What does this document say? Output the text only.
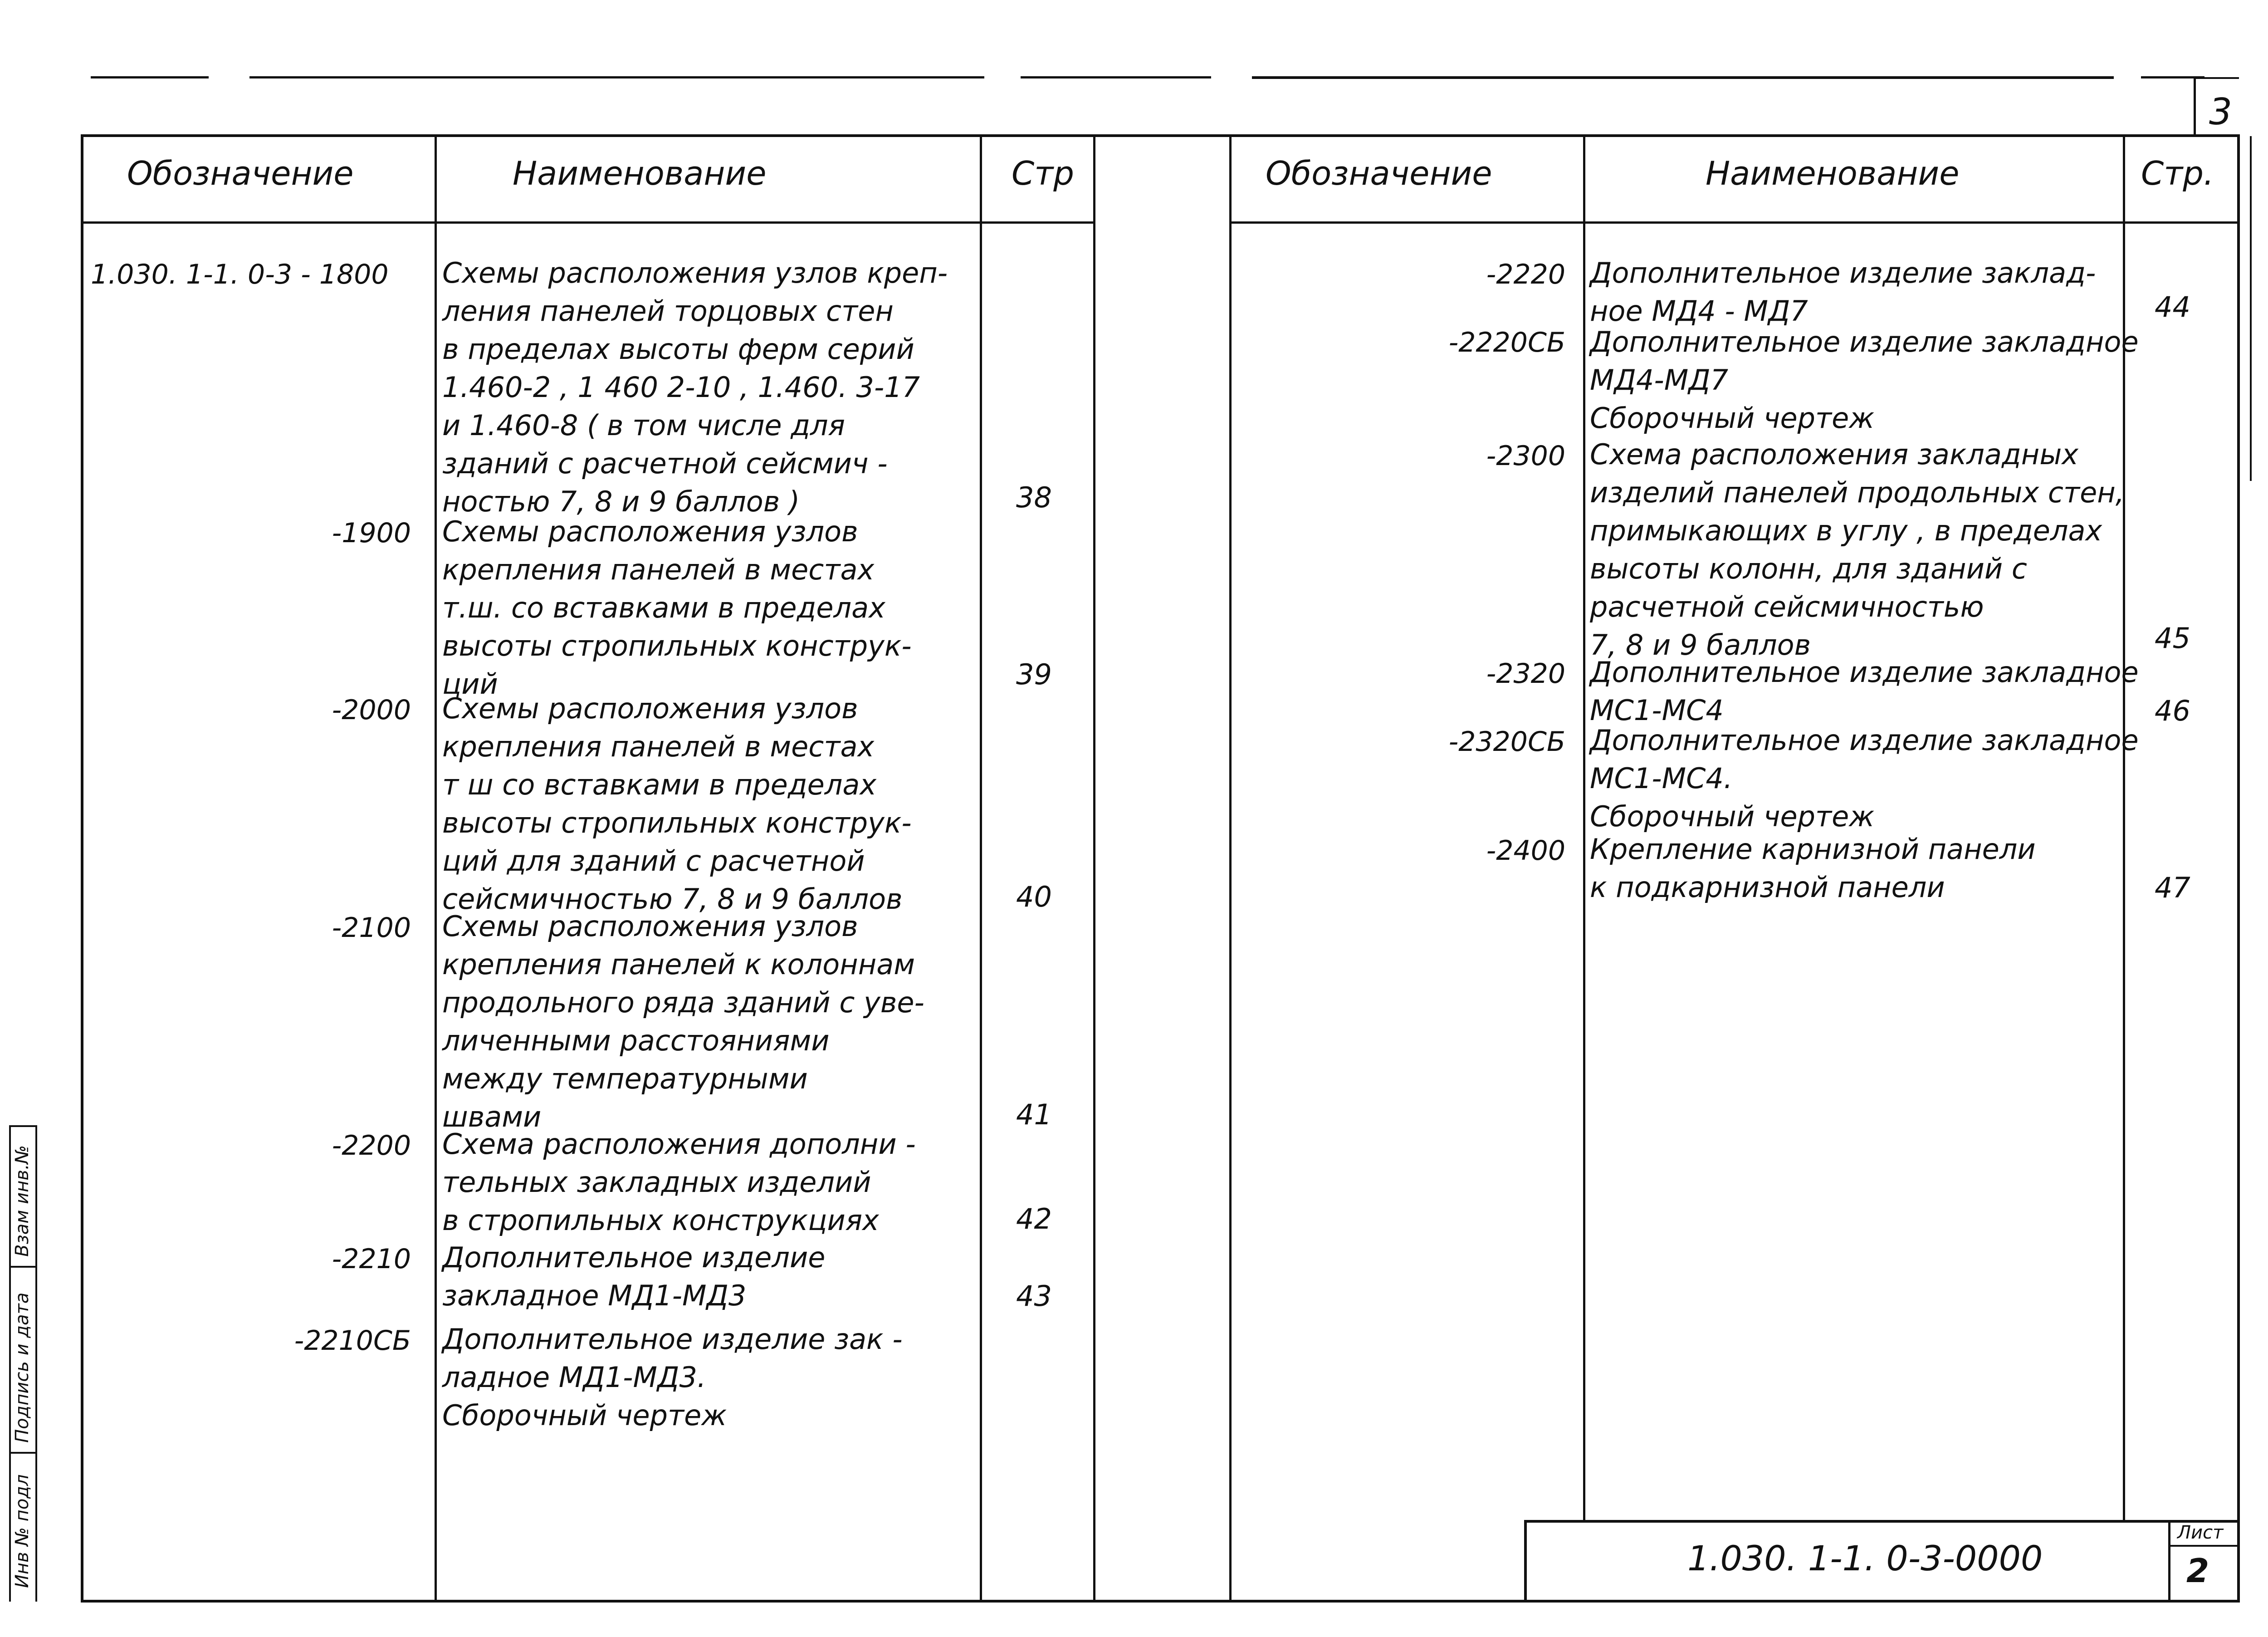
3
Обозначение	Наименование	Стр	Обозначение	Наименование	Стр.
1.030. 1-1. 0-3 - 1800 Схемы расположения узлов креп-
ления панелей торцовых стен
в пределах высоты ферм серий
1.460-2 , 1 460 2-10 , 1.460. 3-17
и 1.460-8 ( в том числе для
зданий с расчетной сейсмич -
ностью 7, 8 и 9 баллов )	38
-1900 Схемы расположения узлов
крепления панелей в местах
т.ш. со вставками в пределах
высоты стропильных конструк-
ций	39
-2000 Схемы расположения узлов
крепления панелей в местах
т ш со вставками в пределах
высоты стропильных конструк-
ций для зданий с расчетной
сейсмичностью 7, 8 и 9 баллов	40
-2100 Схемы расположения узлов
крепления панелей к колоннам
продольного ряда зданий с уве-
личенными расстояниями
между температурными
швами	41
-2200 Схема расположения дополни -
тельных закладных изделий
в стропильных конструкциях	42
-2210 Дополнительное изделие
закладное МД1-МД3	43
-2210СБ Дополнительное изделие зак -
ладное МД1-МД3.
Сборочный чертеж
-2220 Дополнительное изделие заклад-
ное МД4 - МД7	44
-2220СБ Дополнительное изделие закладное
МД4-МД7
Сборочный чертеж
-2300 Схема расположения закладных
изделий панелей продольных стен,
примыкающих в углу , в пределах
высоты колонн, для зданий с
расчетной сейсмичностью
7, 8 и 9 баллов	45
-2320 Дополнительное изделие закладное
МС1-МС4	46
-2320СБ Дополнительное изделие закладное
МС1-МС4.
Сборочный чертеж
-2400 Крепление карнизной панели
к подкарнизной панели	47
1.030. 1-1. 0-3-0000
Лист
2
Инв № подл
Подпись и дата
Взам инв.№
